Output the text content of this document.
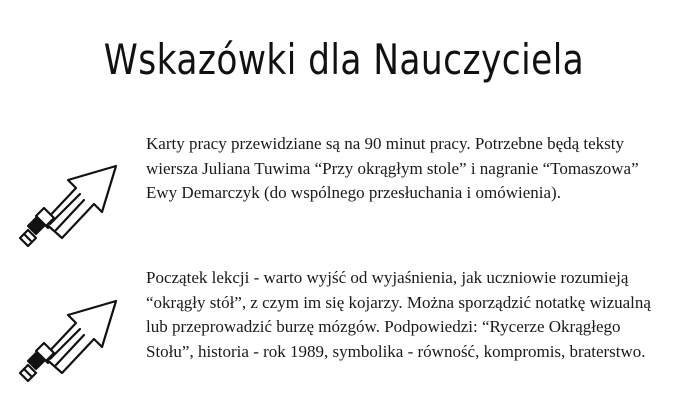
Wskazówki dla Nauczyciela

Karty pracy przewidziane są na 90 minut pracy. Potrzebne będą teksty wiersza Juliana Tuwima “Przy okrągłym stole” i nagranie “Tomaszowa” Ewy Demarczyk (do wspólnego przesłuchania i omówienia).

Początek lekcji - warto wyjść od wyjaśnienia, jak uczniowie rozumieją “okrągły stół”, z czym im się kojarzy. Można sporządzić notatkę wizualną lub przeprowadzić burzę mózgów. Podpowiedzi: “Rycerze Okrągłego Stołu”, historia - rok 1989, symbolika - równość, kompromis, braterstwo.
